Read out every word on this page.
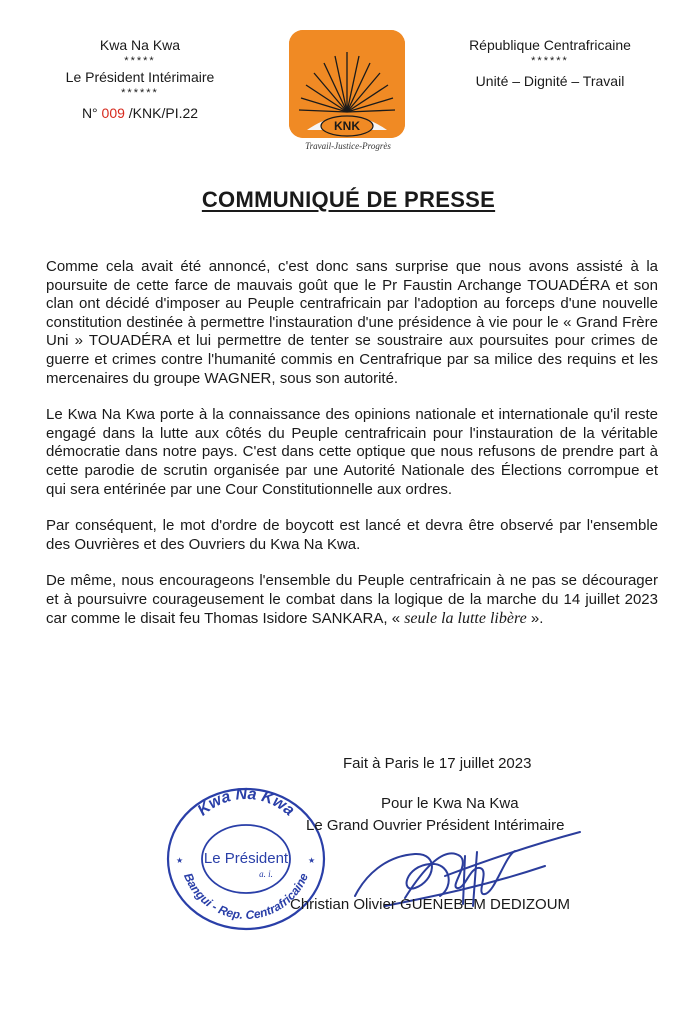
Kwa Na Kwa
*****
Le Président Intérimaire
******
N° 009 /KNK/PI.22
KNK
Travail-Justice-Progrès
République Centrafricaine
******
Unité – Dignité – Travail
COMMUNIQUÉ DE PRESSE

Comme cela avait été annoncé, c'est donc sans surprise que nous avons assisté à la poursuite de cette farce de mauvais goût que le Pr Faustin Archange TOUADÉRA et son clan ont décidé d'imposer au Peuple centrafricain par l'adoption au forceps d'une nouvelle constitution destinée à permettre l'instauration d'une présidence à vie pour le « Grand Frère Uni » TOUADÉRA et lui permettre de tenter se soustraire aux poursuites pour crimes de guerre et crimes contre l'humanité commis en Centrafrique par sa milice des requins et les mercenaires du groupe WAGNER, sous son autorité.

Le Kwa Na Kwa porte à la connaissance des opinions nationale et internationale qu'il reste engagé dans la lutte aux côtés du Peuple centrafricain pour l'instauration de la véritable démocratie dans notre pays. C'est dans cette optique que nous refusons de prendre part à cette parodie de scrutin organisée par une Autorité Nationale des Élections corrompue et qui sera entérinée par une Cour Constitutionnelle aux ordres.

Par conséquent, le mot d'ordre de boycott est lancé et devra être observé par l'ensemble des Ouvrières et des Ouvriers du Kwa Na Kwa.

De même, nous encourageons l'ensemble du Peuple centrafricain à ne pas se décourager et à poursuivre courageusement le combat dans la logique de la marche du 14 juillet 2023 car comme le disait feu Thomas Isidore SANKARA, « seule la lutte libère ».

Kwa Na Kwa
Bangui - Rep. Centrafricaine
Le Président
a. i.
★	★
Fait à Paris le 17 juillet 2023
Pour le Kwa Na Kwa
Le Grand Ouvrier Président Intérimaire
Christian Olivier GUENEBEM DEDIZOUM
